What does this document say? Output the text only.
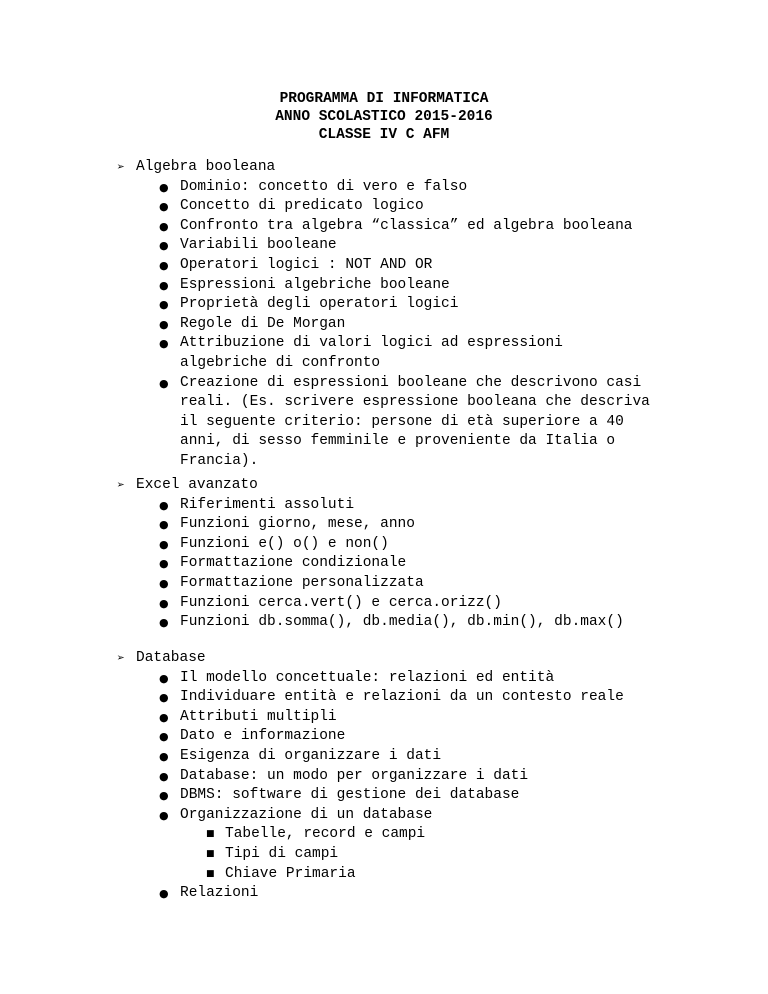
PROGRAMMA DI INFORMATICA
ANNO SCOLASTICO 2015-2016
CLASSE IV C AFM
➢ Algebra booleana
● Dominio: concetto di vero e falso
● Concetto di predicato logico
● Confronto tra algebra “classica” ed algebra booleana
● Variabili booleane
● Operatori logici : NOT AND OR
● Espressioni algebriche booleane
● Proprietà degli operatori logici
● Regole di De Morgan
● Attribuzione di valori logici ad espressioni
algebriche di confronto
● Creazione di espressioni booleane che descrivono casi
reali. (Es. scrivere espressione booleana che descriva
il seguente criterio: persone di età superiore a 40
anni, di sesso femminile e proveniente da Italia o
Francia).
➢ Excel avanzato
● Riferimenti assoluti
● Funzioni giorno, mese, anno
● Funzioni e() o() e non()
● Formattazione condizionale
● Formattazione personalizzata
● Funzioni cerca.vert() e cerca.orizz()
● Funzioni db.somma(), db.media(), db.min(), db.max()
➢ Database
● Il modello concettuale: relazioni ed entità
● Individuare entità e relazioni da un contesto reale
● Attributi multipli
● Dato e informazione
● Esigenza di organizzare i dati
● Database: un modo per organizzare i dati
● DBMS: software di gestione dei database
● Organizzazione di un database
■ Tabelle, record e campi
■ Tipi di campi
■ Chiave Primaria
● Relazioni
